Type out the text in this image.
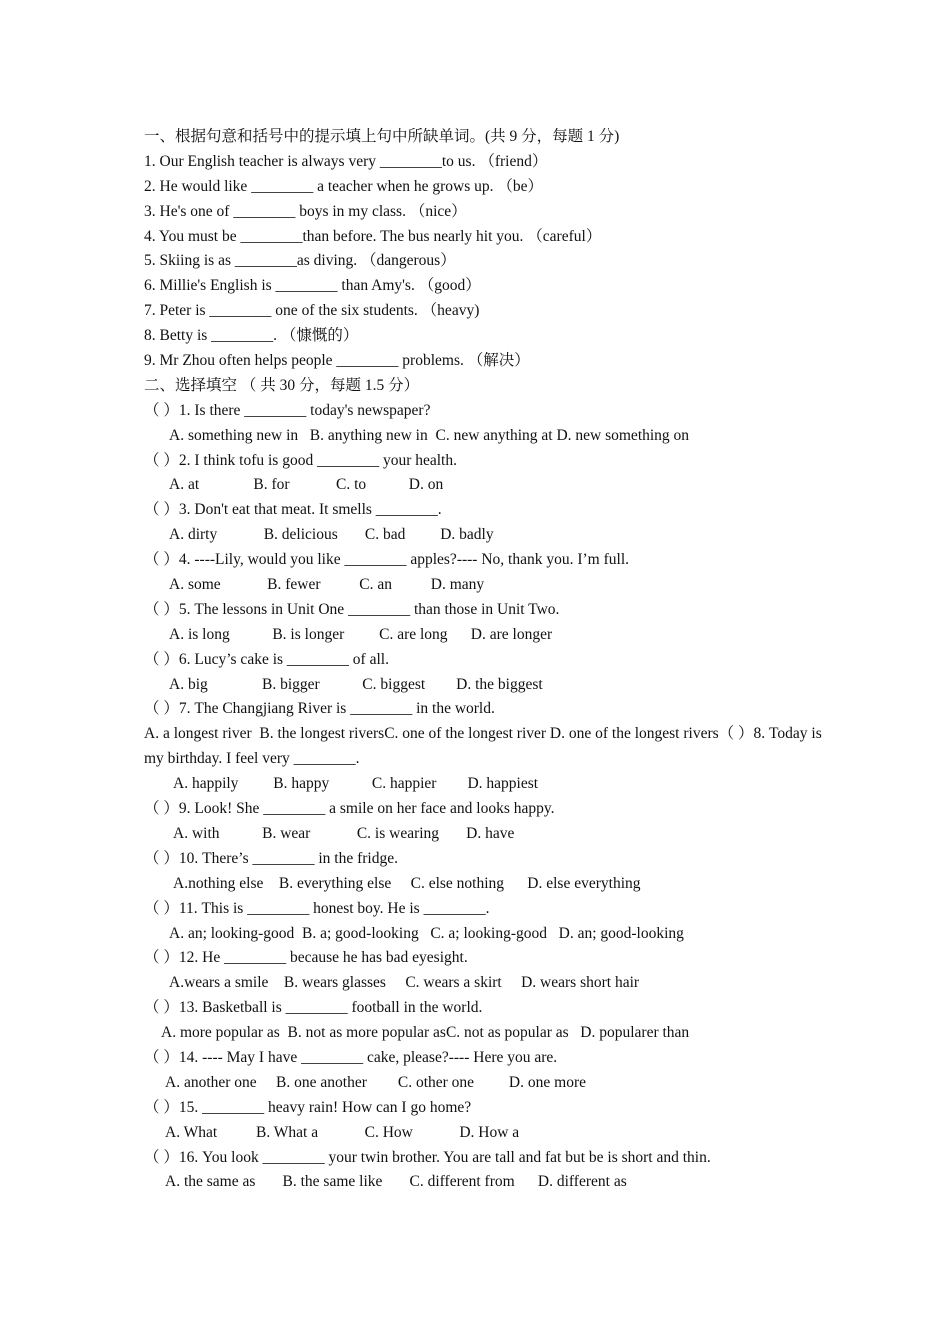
一、根据句意和括号中的提示填上句中所缺单词。(共 9 分，每题 1 分)
1. Our English teacher is always very ________to us. （friend）
2. He would like ________ a teacher when he grows up. （be）
3. He's one of ________ boys in my class. （nice）
4. You must be ________than before. The bus nearly hit you. （careful）
5. Skiing is as ________as diving. （dangerous）
6. Millie's English is ________ than Amy's. （good）
7. Peter is ________ one of the six students. （heavy)
8. Betty is ________. （慷慨的）
9. Mr Zhou often helps people ________ problems. （解决）
二、选择填空 （ 共 30 分，每题 1.5 分）
（ ）1. Is there ________ today's newspaper?
A. something new in   B. anything new in  C. new anything at D. new something on
（ ）2. I think tofu is good ________ your health.
A. at              B. for            C. to           D. on
（ ）3. Don't eat that meat. It smells ________.
A. dirty            B. delicious       C. bad         D. badly
（ ）4. ----Lily, would you like ________ apples?---- No, thank you. I’m full.
A. some            B. fewer          C. an          D. many
（ ）5. The lessons in Unit One ________ than those in Unit Two.
A. is long           B. is longer         C. are long      D. are longer
（ ）6. Lucy’s cake is ________ of all.
A. big              B. bigger           C. biggest        D. the biggest
（ ）7. The Changjiang River is ________ in the world.
A. a longest river  B. the longest riversC. one of the longest river D. one of the longest rivers（ ）8. Today is my birthday. I feel very ________.
A. happily         B. happy           C. happier        D. happiest
（ ）9. Look! She ________ a smile on her face and looks happy.
A. with           B. wear            C. is wearing       D. have
（ ）10. There’s ________ in the fridge.
A.nothing else    B. everything else     C. else nothing      D. else everything
（ ）11. This is ________ honest boy. He is ________.
A. an; looking-good  B. a; good-looking   C. a; looking-good   D. an; good-looking
（ ）12. He ________ because he has bad eyesight.
A.wears a smile    B. wears glasses     C. wears a skirt     D. wears short hair
（ ）13. Basketball is ________ football in the world.
A. more popular as  B. not as more popular asC. not as popular as   D. popularer than
（ ）14. ---- May I have ________ cake, please?---- Here you are.
A. another one     B. one another        C. other one         D. one more
（ ）15. ________ heavy rain! How can I go home?
A. What          B. What a            C. How            D. How a
（ ）16. You look ________ your twin brother. You are tall and fat but be is short and thin.
A. the same as       B. the same like       C. different from      D. different as
